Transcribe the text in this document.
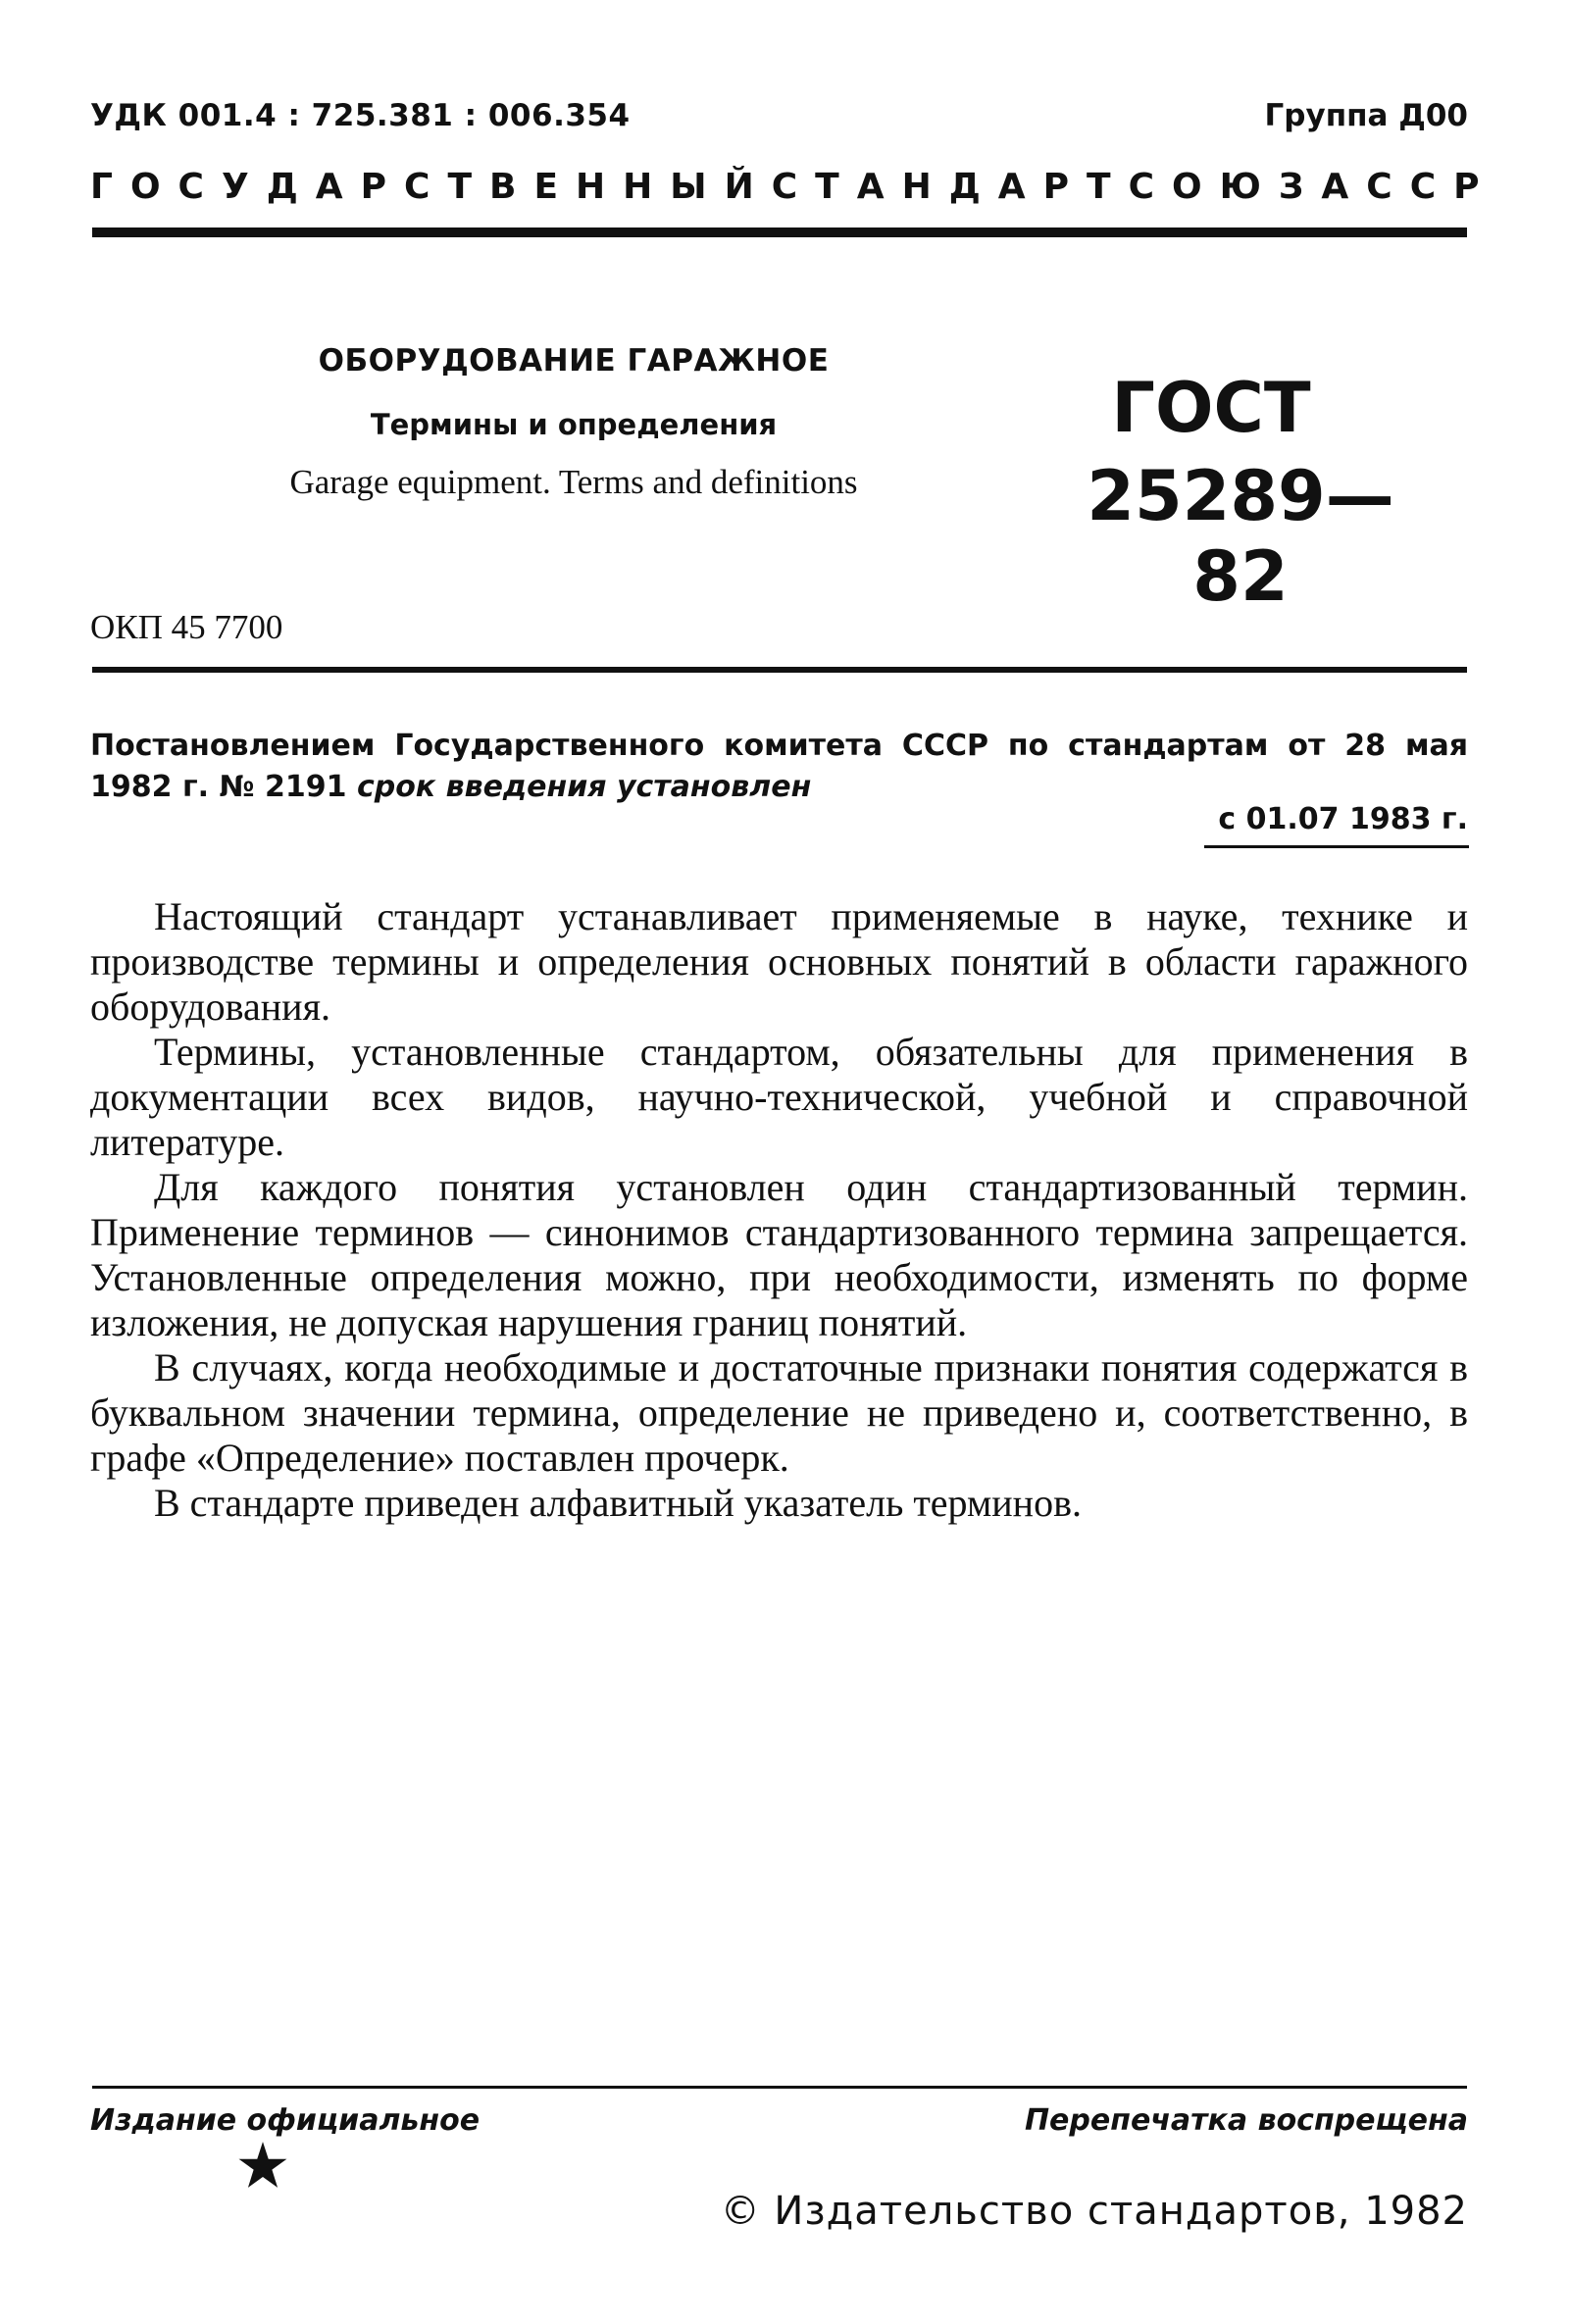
УДК 001.4 : 725.381 : 006.354	Группа Д00
ГОСУДАРСТВЕННЫЙ СТАНДАРТ СОЮЗА ССР
ОБОРУДОВАНИЕ ГАРАЖНОЕ
Термины и определения
Garage equipment. Terms and definitions
ГОСТ
25289—82
ОКП 45 7700
Постановлением Государственного комитета СССР по стандартам от 28 мая 1982 г. № 2191 срок введения установлен
с 01.07 1983 г.

Настоящий стандарт устанавливает применяемые в науке, технике и производстве термины и определения основных понятий в области гаражного оборудования.

Термины, установленные стандартом, обязательны для применения в документации всех видов, научно-технической, учебной и справочной литературе.

Для каждого понятия установлен один стандартизованный термин. Применение терминов — синонимов стандартизованного термина запрещается. Установленные определения можно, при необходимости, изменять по форме изложения, не допуская нарушения границ понятий.

В случаях, когда необходимые и достаточные признаки понятия содержатся в буквальном значении термина, определение не приведено и, соответственно, в графе «Определение» поставлен прочерк.

В стандарте приведен алфавитный указатель терминов.

Издание официальное	Перепечатка воспрещена
© Издательство стандартов, 1982
